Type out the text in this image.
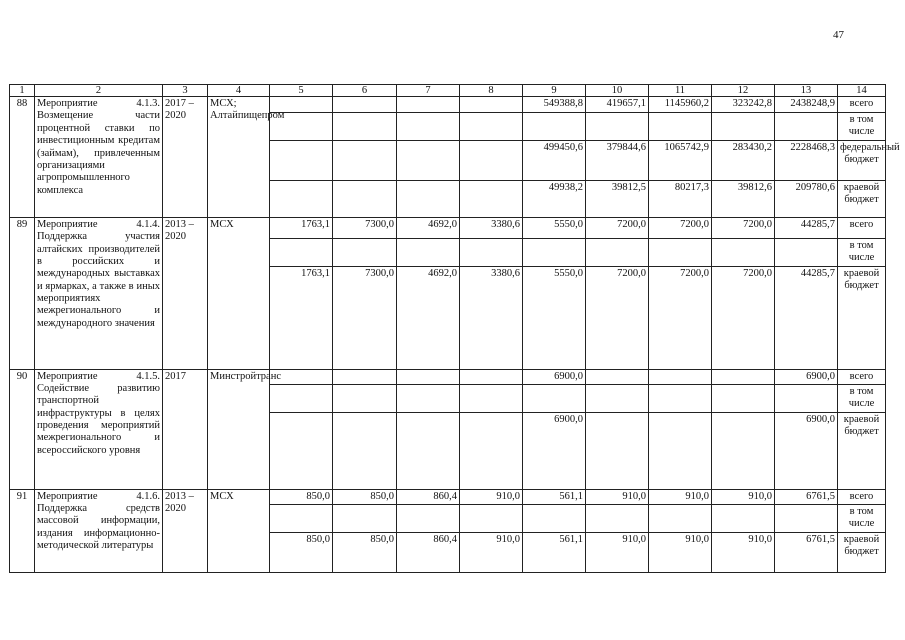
47
1	2	3	4	5	6	7	8	9	10	11	12	13	14
88	Мероприятие 4.1.3. Возмещение части процентной ставки по инвестиционным кредитам (займам), привлеченным организациями агропромышленного комплекса	2017 – 2020	МСХ; Алтайпищепром					549388,8	419657,1	1145960,2	323242,8	2438248,9	всего
													в том числе
								499450,6	379844,6	1065742,9	283430,2	2228468,3	федеральный бюджет
								49938,2	39812,5	80217,3	39812,6	209780,6	краевой бюджет
89	Мероприятие 4.1.4. Поддержка участия алтайских производителей в российских и международных выставках и ярмарках, а также в иных мероприятиях межрегионального и международного значения	2013 – 2020	МСХ	1763,1	7300,0	4692,0	3380,6	5550,0	7200,0	7200,0	7200,0	44285,7	всего
													в том числе
				1763,1	7300,0	4692,0	3380,6	5550,0	7200,0	7200,0	7200,0	44285,7	краевой бюджет
90	Мероприятие 4.1.5. Содействие развитию транспортной инфраструктуры в целях проведения мероприятий межрегионального и всероссийского уровня	2017	Минстройтранс					6900,0				6900,0	всего
													в том числе
								6900,0				6900,0	краевой бюджет
91	Мероприятие 4.1.6. Поддержка средств массовой информации, издания информационно-методической литературы	2013 – 2020	МСХ	850,0	850,0	860,4	910,0	561,1	910,0	910,0	910,0	6761,5	всего
													в том числе
				850,0	850,0	860,4	910,0	561,1	910,0	910,0	910,0	6761,5	краевой бюджет
